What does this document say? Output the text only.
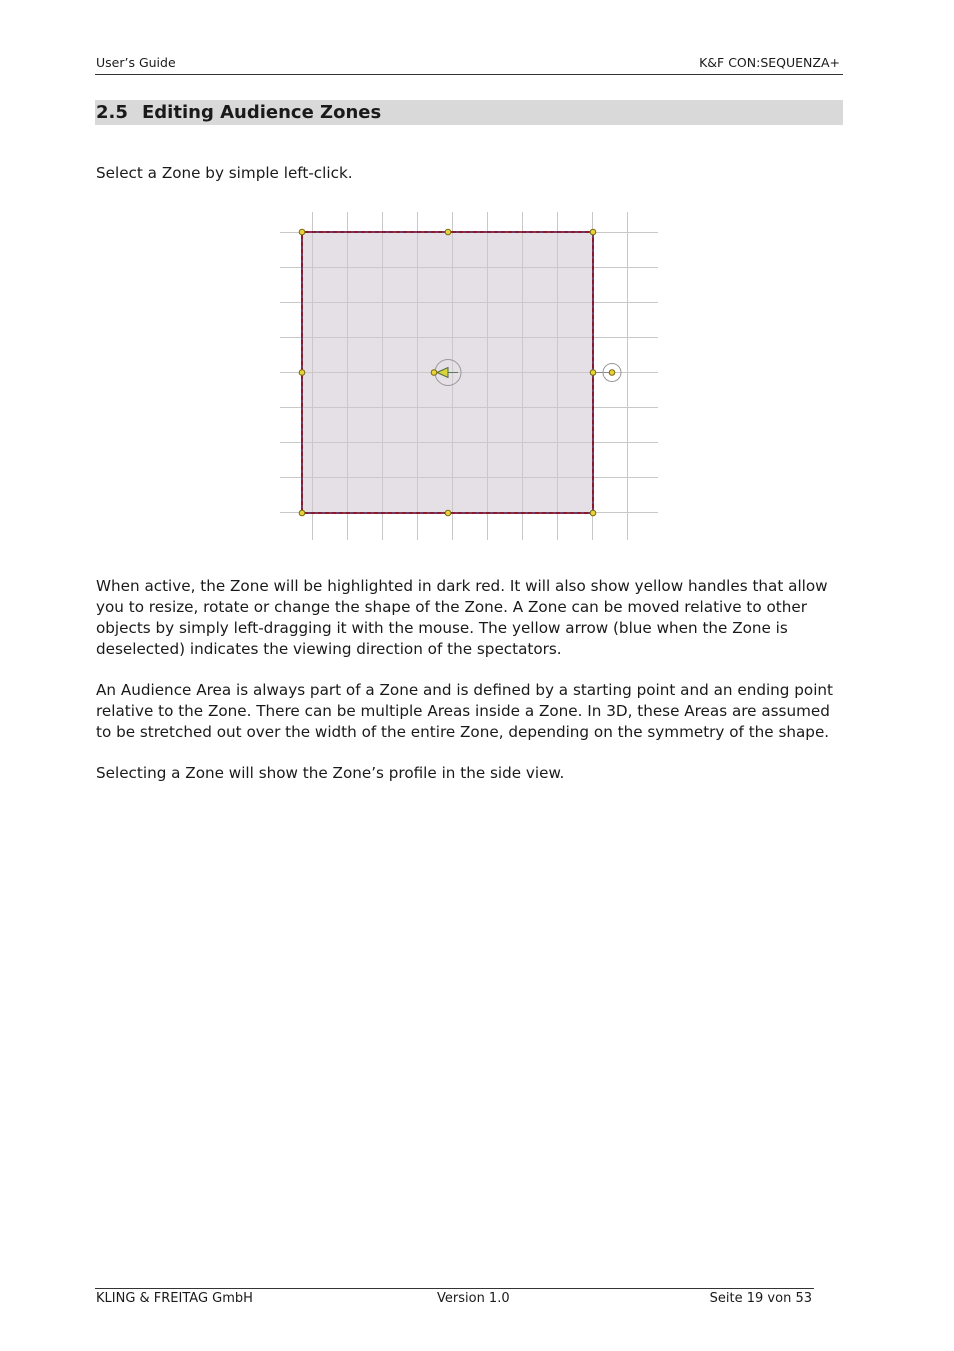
User’s Guide	K&F CON:SEQUENZA+
2.5 Editing Audience Zones

Select a Zone by simple left-click.

When active, the Zone will be highlighted in dark red. It will also show yellow handles that allow you to resize, rotate or change the shape of the Zone. A Zone can be moved relative to other objects by simply left-dragging it with the mouse. The yellow arrow (blue when the Zone is deselected) indicates the viewing direction of the spectators.

An Audience Area is always part of a Zone and is defined by a starting point and an ending point relative to the Zone. There can be multiple Areas inside a Zone. In 3D, these Areas are assumed to be stretched out over the width of the entire Zone, depending on the symmetry of the shape.

Selecting a Zone will show the Zone’s profile in the side view.

KLING & FREITAG GmbH	Version 1.0	Seite 19 von 53
